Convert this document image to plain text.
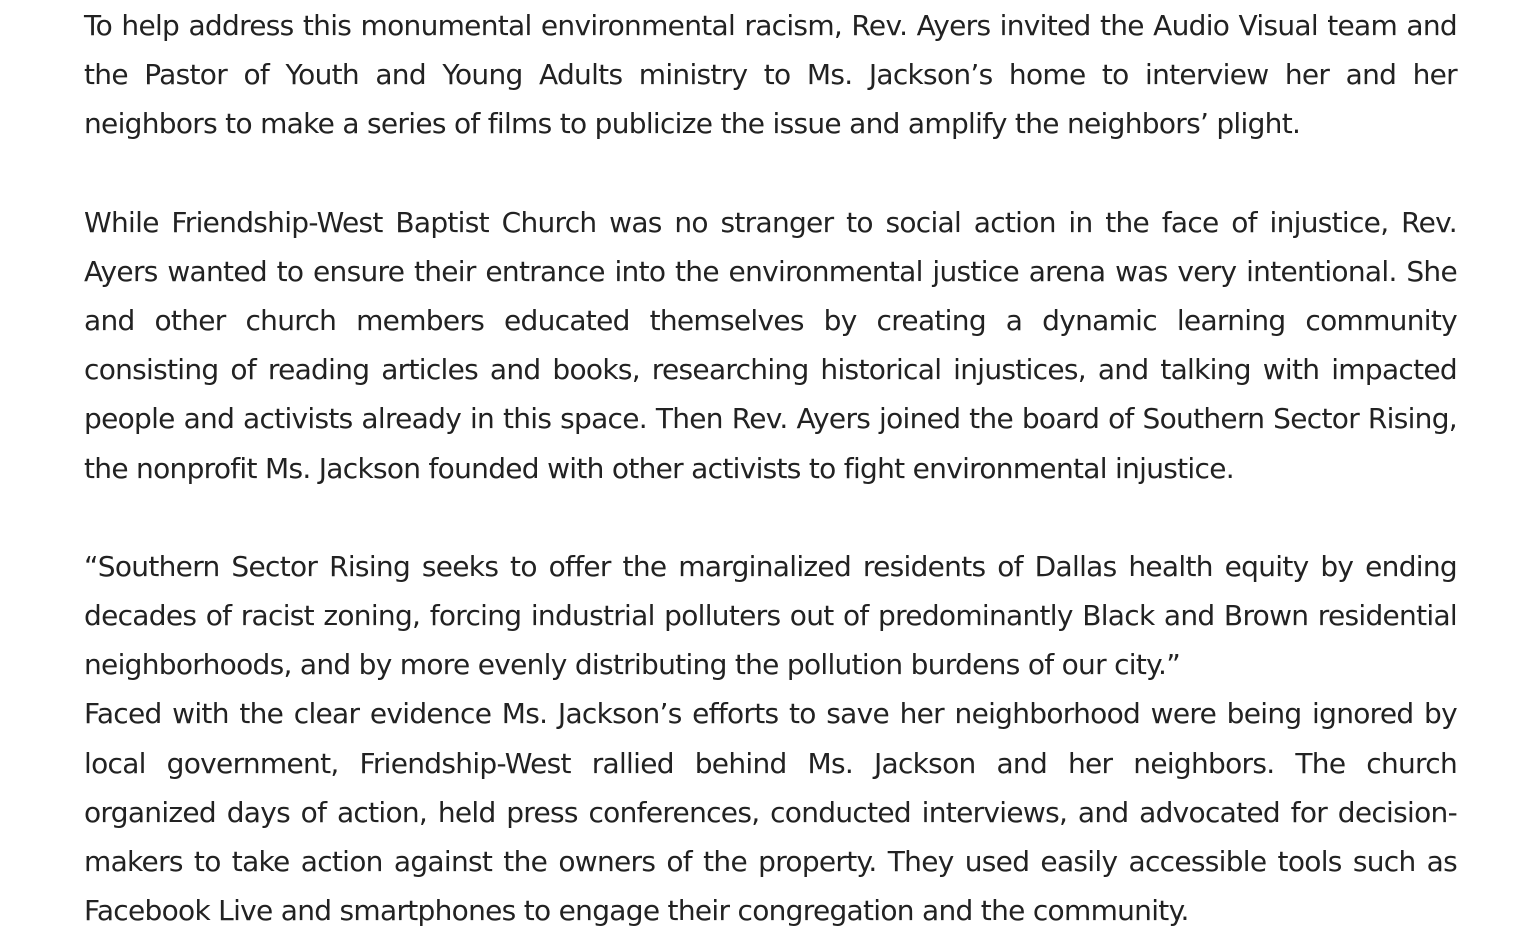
To help address this monumental environmental racism, Rev. Ayers invited the Audio Visual team and the Pastor of Youth and Young Adults ministry to Ms. Jackson’s home to interview her and her neighbors to make a series of films to publicize the issue and amplify the neighbors’ plight.

While Friendship-West Baptist Church was no stranger to social action in the face of injustice, Rev. Ayers wanted to ensure their entrance into the environmental justice arena was very intentional. She and other church members educated themselves by creating a dynamic learning community consisting of reading articles and books, researching historical injustices, and talking with impacted people and activists already in this space. Then Rev. Ayers joined the board of Southern Sector Rising, the nonprofit Ms. Jackson founded with other activists to fight environmental injustice.

“Southern Sector Rising seeks to offer the marginalized residents of Dallas health equity by ending decades of racist zoning, forcing industrial polluters out of predominantly Black and Brown residential neighborhoods, and by more evenly distributing the pollution burdens of our city.”

Faced with the clear evidence Ms. Jackson’s efforts to save her neighborhood were being ignored by local government, Friendship-West rallied behind Ms. Jackson and her neighbors. The church organized days of action, held press conferences, conducted interviews, and advocated for decision-makers to take action against the owners of the property. They used easily accessible tools such as Facebook Live and smartphones to engage their congregation and the community.
